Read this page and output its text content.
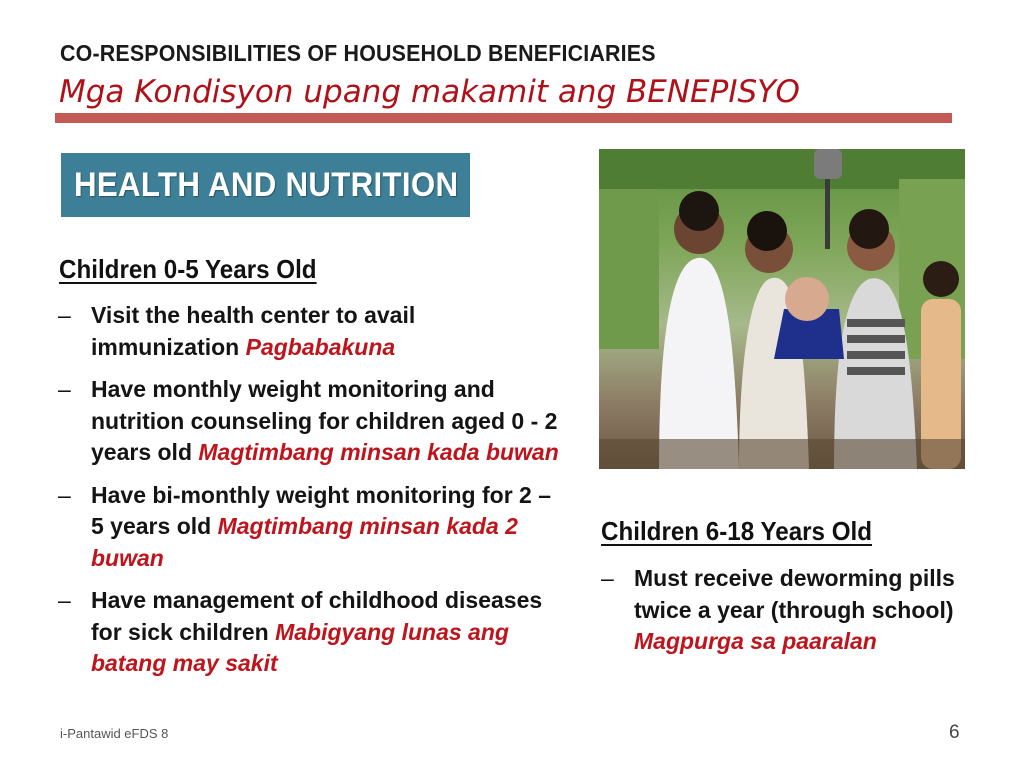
CO-RESPONSIBILITIES OF HOUSEHOLD BENEFICIARIES
Mga Kondisyon upang makamit ang BENEPISYO
HEALTH AND NUTRITION
Children 0-5 Years Old
– Visit the health center to avail immunization Pagbabakuna
– Have monthly weight monitoring and nutrition counseling for children aged 0 - 2 years old Magtimbang minsan kada buwan
– Have bi-monthly weight monitoring for 2 – 5 years old Magtimbang minsan kada 2 buwan
– Have management of childhood diseases for sick children Mabigyang lunas ang batang may sakit
Children 6-18 Years Old
– Must receive deworming pills twice a year (through school) Magpurga sa paaralan
i-Pantawid eFDS 8	6
